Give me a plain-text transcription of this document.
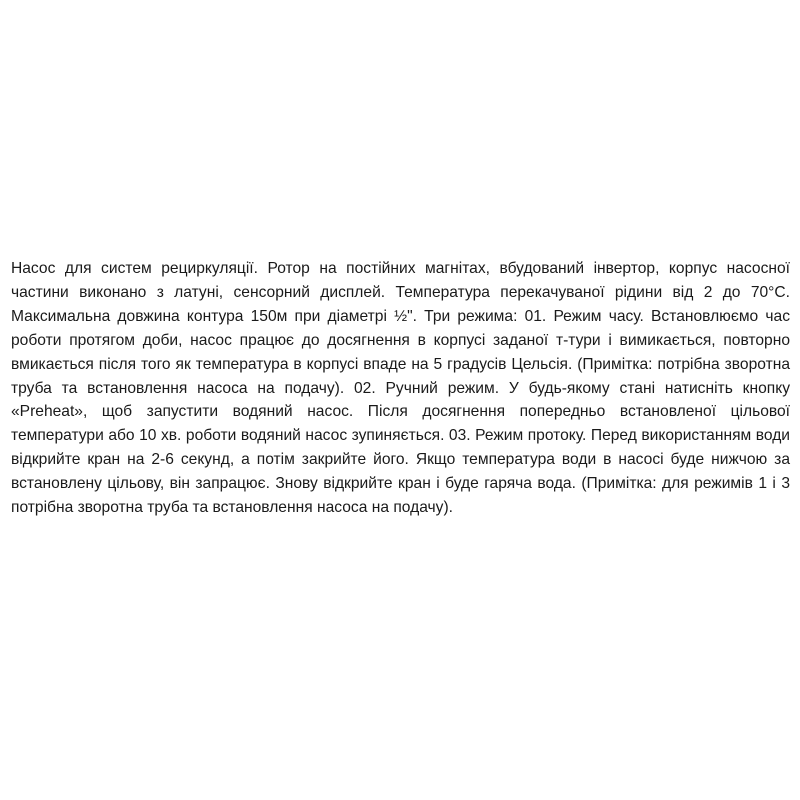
Насос для систем рециркуляції. Ротор на постійних магнітах, вбудований інвертор, корпус насосної частини виконано з латуні, сенсорний дисплей. Температура перекачуваної рідини від 2 до 70°С. Максимальна довжина контура 150м при діаметрі ½". Три режима: 01. Режим часу. Встановлюємо час роботи протягом доби, насос працює до досягнення в корпусі заданої т-тури і вимикається, повторно вмикається після того як температура в корпусі впаде на 5 градусів Цельсія. (Примітка: потрібна зворотна труба та встановлення насоса на подачу). 02. Ручний режим. У будь-якому стані натисніть кнопку «Preheat», щоб запустити водяний насос. Після досягнення попередньо встановленої цільової температури або 10 хв. роботи водяний насос зупиняється. 03. Режим протоку. Перед використанням води відкрийте кран на 2-6 секунд, а потім закрийте його. Якщо температура води в насосі буде нижчою за встановлену цільову, він запрацює. Знову відкрийте кран і буде гаряча вода. (Примітка: для режимів 1 і 3 потрібна зворотна труба та встановлення насоса на подачу).
